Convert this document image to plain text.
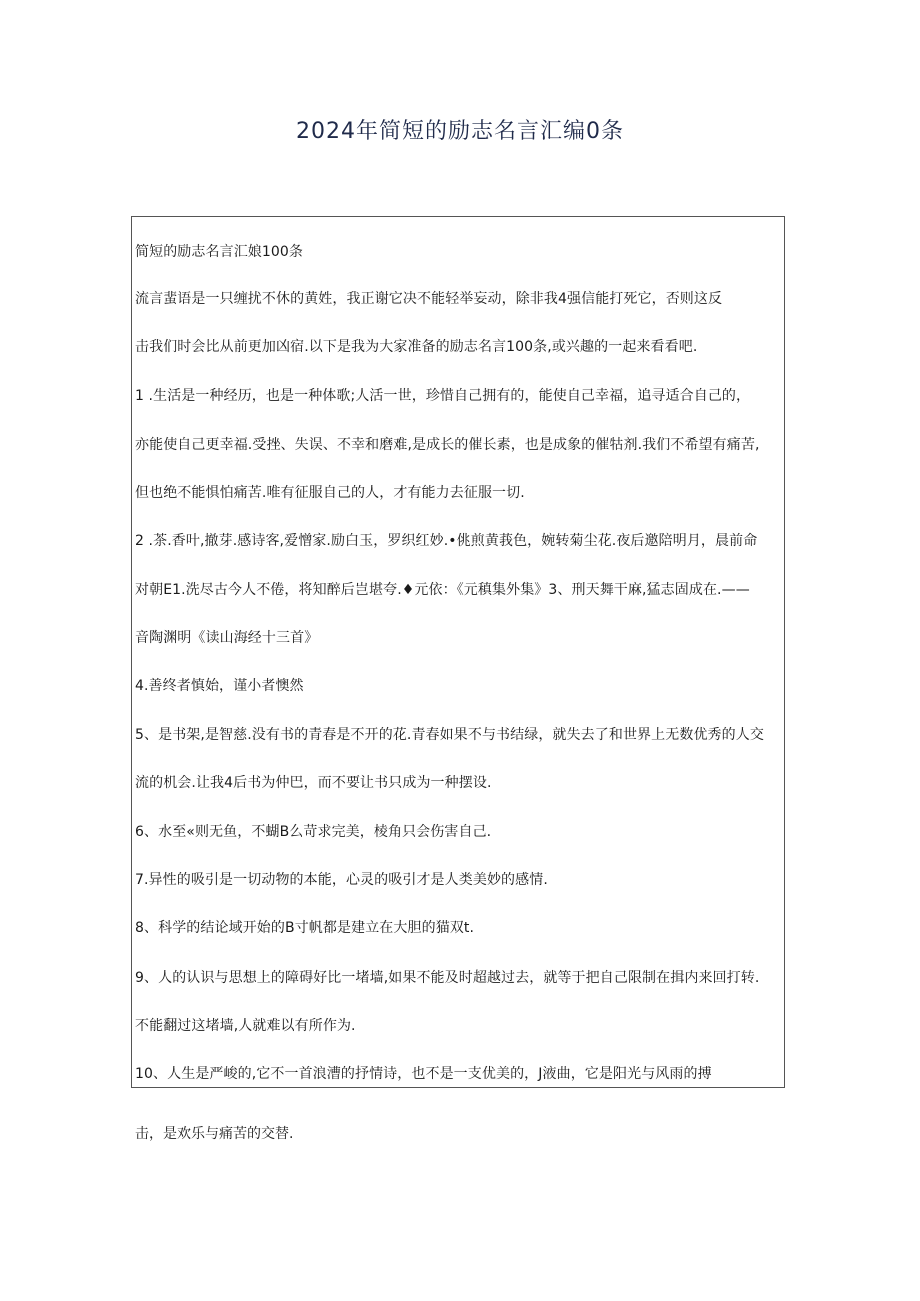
2024年简短的励志名言汇编0条
简短的励志名言汇娘100条
流言蜚语是一只缠扰不休的黄姓，我正谢它决不能轻举妄动，除非我4强信能打死它，否则这反
击我们时会比从前更加凶宿.以下是我为大家准备的励志名言100条,或兴趣的一起来看看吧.
1 .生活是一种经历，也是一种体歌;人活一世，珍惜自己拥有的，能使自己幸福，追寻适合自己的，
亦能使自己更幸福.受挫、失误、不幸和磨难,是成长的催长素，也是成象的催牯剂.我们不希望有痛苦,
但也绝不能惧怕痛苦.唯有征服自己的人，才有能力去征服一切.
2 .茶.香叶,撤芽.感诗客,爱憎家.励白玉，罗织红妙.•佻煎黄莪色，婉转菊尘花.夜后邀陪明月，晨前命
对朝E1.洗尽古今人不倦，将知醉后岂堪夸.♦元依：《元稹集外集》3、刑天舞干麻,猛志固成在.——
音陶渊明《读山海经十三首》
4.善终者慎始，谨小者懊然
5、是书架,是智慈.没有书的青春是不开的花.青春如果不与书结绿，就失去了和世界上无数优秀的人交
流的机会.让我4后书为仲巴，而不要让书只成为一种摆设.
6、水至«则无鱼，不蝴B么苛求完美，棱角只会伤害自己.
7.异性的吸引是一切动物的本能，心灵的吸引才是人类美妙的感情.
8、科学的结论域开始的B寸帆都是建立在大胆的猫双t.
9、人的认识与思想上的障碍好比一堵墙,如果不能及时超越过去，就等于把自己限制在揖内来回打转.
不能翻过这堵墙,人就难以有所作为.
10、人生是严峻的,它不一首浪漕的抒情诗，也不是一支优美的，J液曲，它是阳光与风雨的搏
击，是欢乐与痛苦的交替.
